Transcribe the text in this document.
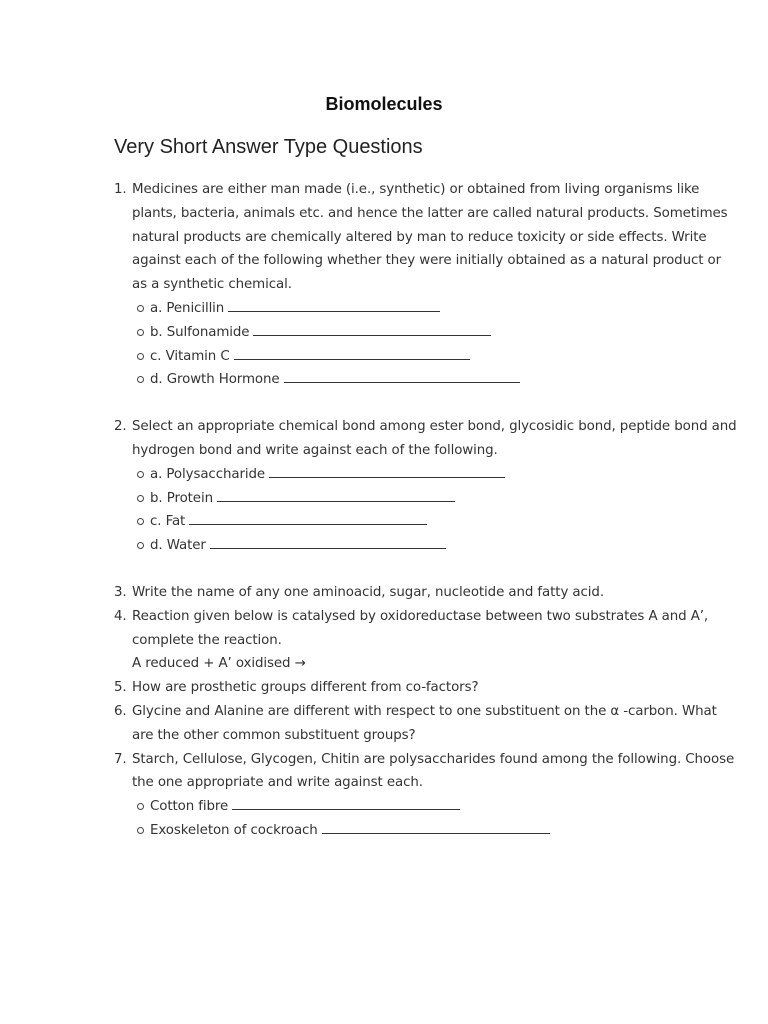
Biomolecules
Very Short Answer Type Questions
1. Medicines are either man made (i.e., synthetic) or obtained from living organisms like plants, bacteria, animals etc. and hence the latter are called natural products. Sometimes natural products are chemically altered by man to reduce toxicity or side effects. Write against each of the following whether they were initially obtained as a natural product or as a synthetic chemical.
a. Penicillin
b. Sulfonamide
c. Vitamin C
d. Growth Hormone
2. Select an appropriate chemical bond among ester bond, glycosidic bond, peptide bond and hydrogen bond and write against each of the following.
a. Polysaccharide
b. Protein
c. Fat
d. Water
3. Write the name of any one aminoacid, sugar, nucleotide and fatty acid.
4. Reaction given below is catalysed by oxidoreductase between two substrates A and A’, complete the reaction.
A reduced + A’ oxidised →
5. How are prosthetic groups different from co-factors?
6. Glycine and Alanine are different with respect to one substituent on the α -carbon. What are the other common substituent groups?
7. Starch, Cellulose, Glycogen, Chitin are polysaccharides found among the following. Choose the one appropriate and write against each.
Cotton fibre
Exoskeleton of cockroach
